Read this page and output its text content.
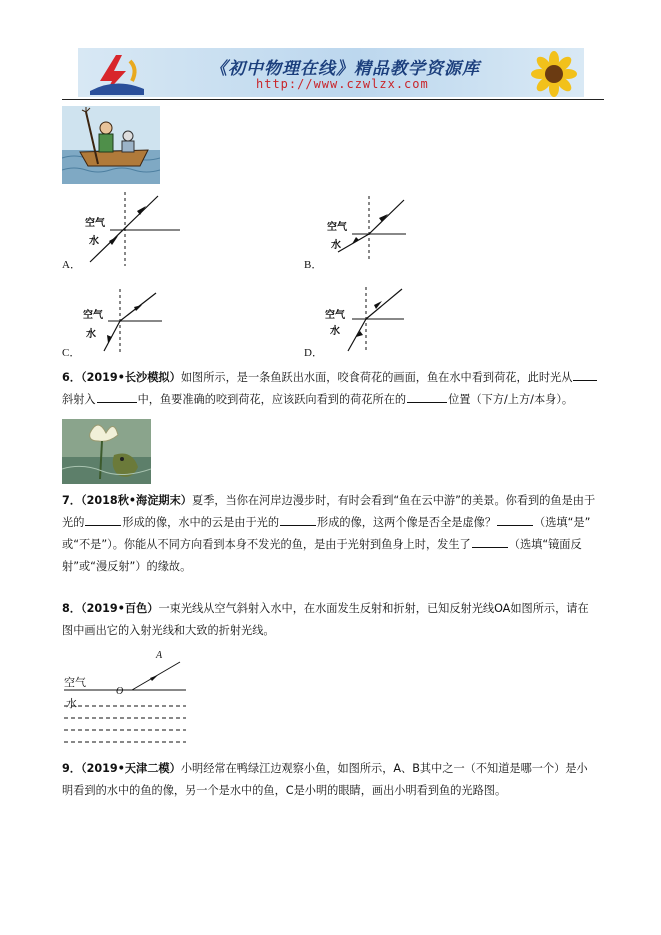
《初中物理在线》精品教学资源库
http://www.czwlzx.com
A．
空气
水
B．
空气
水
C．
空气
水
D．
空气
水
6．（2019•长沙模拟）如图所示，是一条鱼跃出水面，咬食荷花的画面，鱼在水中看到荷花，此时光从
斜射入	中，鱼要准确的咬到荷花，应该跃向看到的荷花所在的	位置（下方/上方/本身）。
7．（2018秋•海淀期末）夏季，当你在河岸边漫步时，有时会看到“鱼在云中游”的美景。你看到的鱼是由于
光的	形成的像，水中的云是由于光的	形成的像，这两个像是否全是虚像？	（选填“是”
或“不是”）。你能从不同方向看到本身不发光的鱼，是由于光射到鱼身上时，发生了	（选填“镜面反
射”或“漫反射”）的缘故。
8．（2019•百色）一束光线从空气斜射入水中，在水面发生反射和折射，已知反射光线OA如图所示，请在
图中画出它的入射光线和大致的折射光线。
空气
水
A
O
9．（2019•天津二模）小明经常在鸭绿江边观察小鱼，如图所示，A、B其中之一（不知道是哪一个）是小
明看到的水中的鱼的像，另一个是水中的鱼，C是小明的眼睛，画出小明看到鱼的光路图。
